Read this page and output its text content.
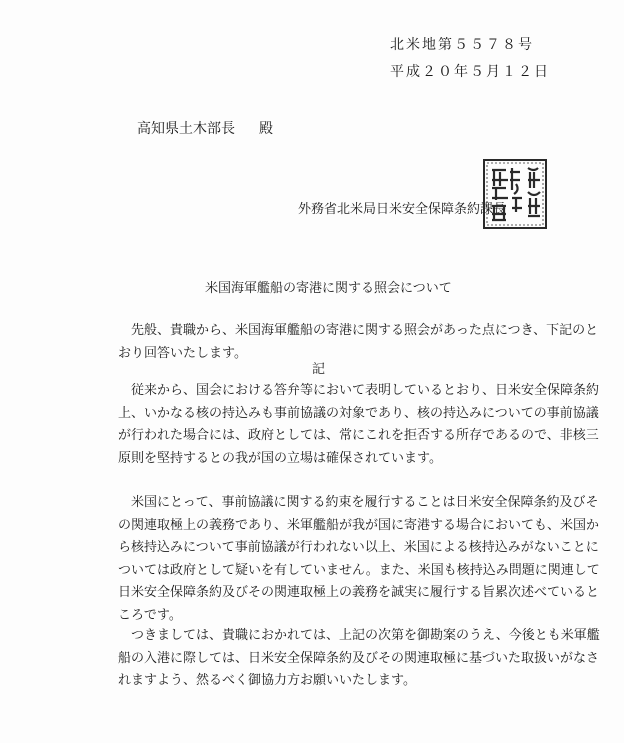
北米地第５５７８号
平成２０年５月１２日
高知県土木部長 殿
外務省北米局日米安全保障条約課長
米国海軍艦船の寄港に関する照会について
　先般、貴職から、米国海軍艦船の寄港に関する照会があった点につき、下記のと
おり回答いたします。
記
　従来から、国会における答弁等において表明しているとおり、日米安全保障条約
上、いかなる核の持込みも事前協議の対象であり、核の持込みについての事前協議
が行われた場合には、政府としては、常にこれを拒否する所存であるので、非核三
原則を堅持するとの我が国の立場は確保されています。
　米国にとって、事前協議に関する約束を履行することは日米安全保障条約及びそ
の関連取極上の義務であり、米軍艦船が我が国に寄港する場合においても、米国か
ら核持込みについて事前協議が行われない以上、米国による核持込みがないことに
ついては政府として疑いを有していません。また、米国も核持込み問題に関連して
日米安全保障条約及びその関連取極上の義務を誠実に履行する旨累次述べていると
ころです。
　つきましては、貴職におかれては、上記の次第を御勘案のうえ、今後とも米軍艦
船の入港に際しては、日米安全保障条約及びその関連取極に基づいた取扱いがなさ
れますよう、然るべく御協力方お願いいたします。
